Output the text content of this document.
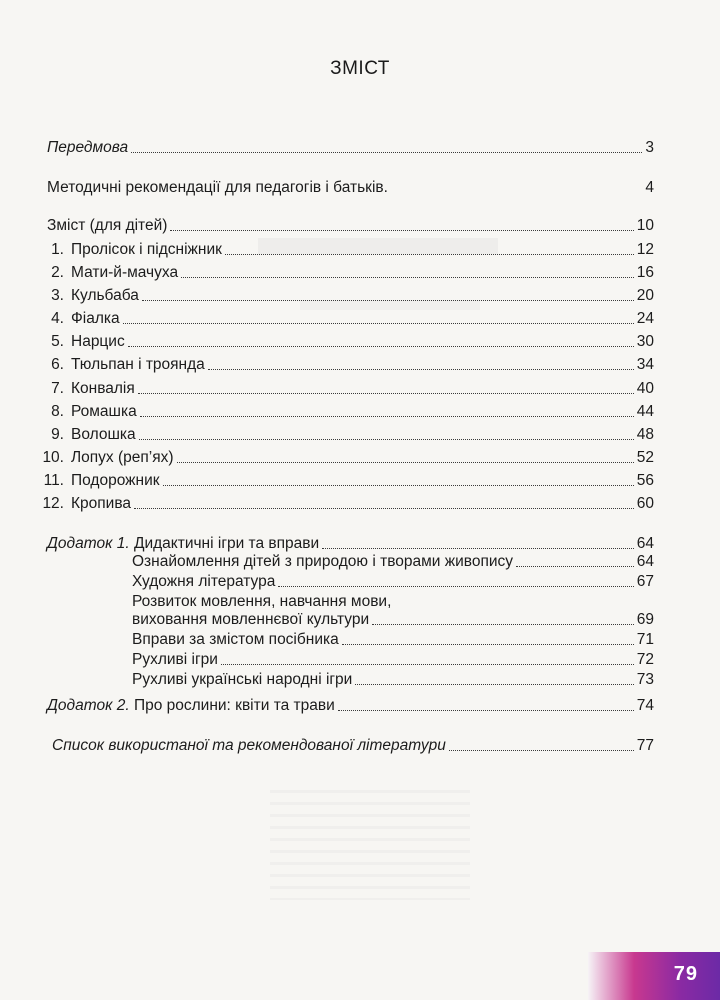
ЗМІСТ
Передмова	3
Методичні рекомендації для педагогів і батьків.	4
Зміст (для дітей)	10
1. Пролісок і підсніжник	12
2. Мати-й-мачуха	16
3. Кульбаба	20
4. Фіалка	24
5. Нарцис	30
6. Тюльпан і троянда	34
7. Конвалія	40
8. Ромашка	44
9. Волошка	48
10. Лопух (реп’ях)	52
11. Подорожник	56
12. Кропива	60
Додаток 1. Дидактичні ігри та вправи	64
Ознайомлення дітей з природою і творами живопису	64
Художня література	67
Розвиток мовлення, навчання мови,
виховання мовленнєвої культури	69
Вправи за змістом посібника	71
Рухливі ігри	72
Рухливі українські народні ігри	73
Додаток 2. Про рослини: квіти та трави	74
Список використаної та рекомендованої літератури	77
79
